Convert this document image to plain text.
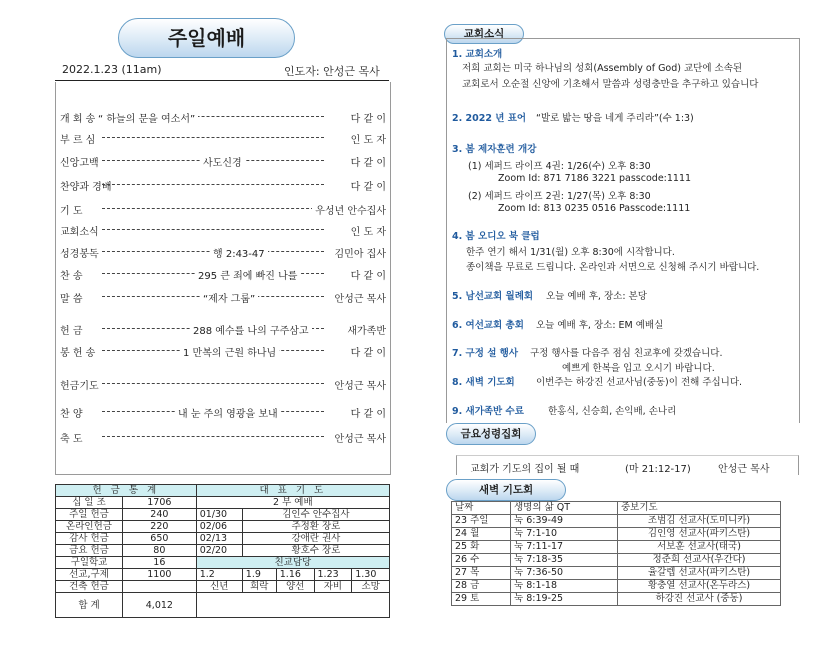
주일예배
2022.1.23 (11am)	인도자: 안성근 목사
개 회 송 “ 하늘의 문을 여소서”	다 같 이
부 르 심	인 도 자
신앙고백	사도신경	다 같 이
찬양과 경배	다 같 이
기 도	우성년 안수집사
교회소식	인 도 자
성경봉독	행 2:43-47	김민아 집사
찬 송	295 큰 죄에 빠진 나를	다 같 이
말 씀	“제자 그룹”	안성근 목사
헌 금	288 예수를 나의 구주삼고	새가족반
봉 헌 송	1 만복의 근원 하나님	다 같 이
헌금기도	안성근 목사
찬 양	내 눈 주의 영광을 보내	다 같 이
축 도	안성근 목사
헌 금 통 계		대 표 기 도				
십 일 조	1706	2 부 예배				
주일 헌금	240	01/30	김인수 안수집사			
온라인헌금	220	02/06	주정환 장로			
감사 헌금	650	02/13	강애란 권사			
금요 헌금	80	02/20	황호수 장로			
구일학교	16	친교담당				
선교,구제	1100	1.2	1.9	1.16	1.23	1.30
건축 헌금		신년	희락	양선	자비	소망
합 계	4,012					
교회소식
1. 교회소개
저희 교회는 미국 하나님의 성회(Assembly of God) 교단에 소속된
교회로서 오순절 신앙에 기초해서 말씀과 성령충만을 추구하고 있습니다
2. 2022 년 표어 “발로 밟는 땅을 네게 주리라”(수 1:3)
3. 봄 제자훈련 개강
(1) 세퍼드 라이프 4권: 1/26(수) 오후 8:30
Zoom Id: 871 7186 3221 passcode:1111
(2) 세퍼드 라이프 2권: 1/27(목) 오후 8:30
Zoom Id: 813 0235 0516 Passcode:1111
4. 봄 오디오 북 클럽
한주 연기 해서 1/31(월) 오후 8:30에 시작합니다.
종이책을 무료로 드립니다. 온라인과 서면으로 신청해 주시기 바랍니다.
5. 남선교회 월례회 오늘 예배 후, 장소: 본당
6. 여선교회 총회 오늘 예배 후, 장소: EM 예배실
7. 구정 설 행사 구정 행사를 다음주 점심 친교후에 갖겠습니다.
예쁘게 한복을 입고 오시기 바랍니다.
8. 새벽 기도회 이번주는 하강진 선교사님(중동)이 전해 주십니다.
9. 새가족반 수료	한홍식, 신승희, 손익배, 손나리
금요성령집회
교회가 기도의 집이 될 때	(마 21:12-17)	안성근 목사
새벽 기도회
날짜	생명의 삶 QT	중보기도
23 주일	눅 6:39-49	조범김 선교사(도미니카)
24 월	눅 7:1-10	김인영 선교사(파키스탄)
25 화	눅 7:11-17	서보훈 선교사(태국)
26 수	눅 7:18-35	정준희 선교사(우간다)
27 목	눅 7:36-50	율갈렙 선교사(파키스탄)
28 금	눅 8:1-18	황충열 선교사(온두라스)
29 토	눅 8:19-25	하강진 선교사 (중동)
